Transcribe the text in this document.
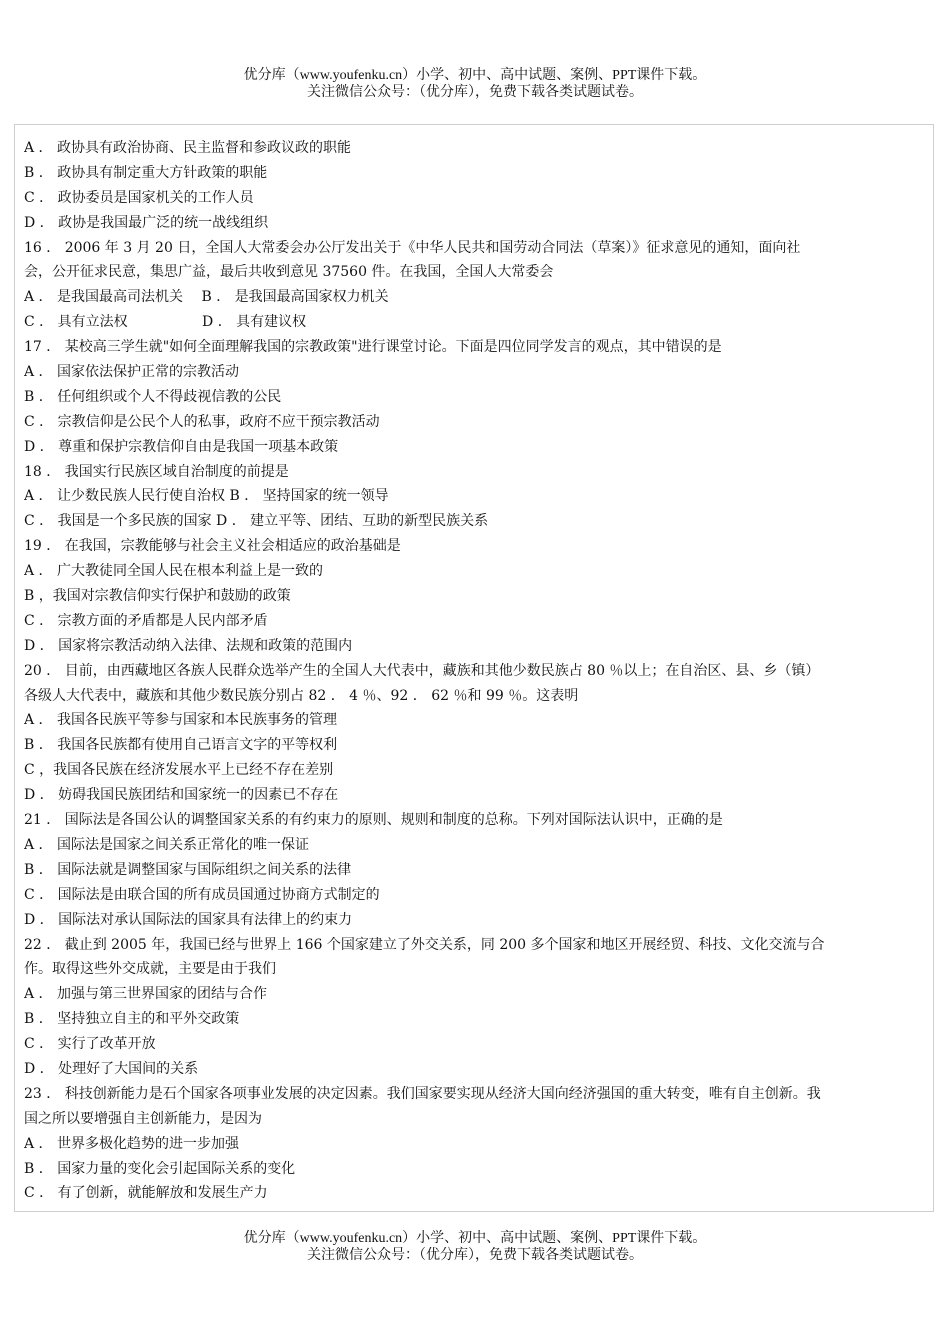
优分库（www.youfenku.cn）小学、初中、高中试题、案例、PPT课件下载。
关注微信公众号：（优分库），免费下载各类试题试卷。
A ． 政协具有政治协商、民主监督和参政议政的职能
B ． 政协具有制定重大方针政策的职能
C ． 政协委员是国家机关的工作人员
D ． 政协是我国最广泛的统一战线组织
16 ． 2006 年 3 月 20 日，全国人大常委会办公厅发出关于《中华人民共和国劳动合同法（草案）》征求意见的通知，面向社
会，公开征求民意，集思广益，最后共收到意见 37560 件。在我国，全国人大常委会
A ． 是我国最高司法机关　 B ． 是我国最高国家权力机关
C ． 具有立法权　　　　　 D ． 具有建议权
17 ． 某校高三学生就"如何全面理解我国的宗教政策"进行课堂讨论。下面是四位同学发言的观点，其中错误的是
A ． 国家依法保护正常的宗教活动
B ． 任何组织或个人不得歧视信教的公民
C ． 宗教信仰是公民个人的私事，政府不应干预宗教活动
D ． 尊重和保护宗教信仰自由是我国一项基本政策
18 ． 我国实行民族区域自治制度的前提是
A ． 让少数民族人民行使自治权 B ． 坚持国家的统一领导
C ． 我国是一个多民族的国家 D ． 建立平等、团结、互助的新型民族关系
19 ． 在我国，宗教能够与社会主义社会相适应的政治基础是
A ． 广大教徒同全国人民在根本利益上是一致的
B ，我国对宗教信仰实行保护和鼓励的政策
C ． 宗教方面的矛盾都是人民内部矛盾
D ． 国家将宗教活动纳入法律、法规和政策的范围内
20 ． 目前，由西藏地区各族人民群众选举产生的全国人大代表中，藏族和其他少数民族占 80 ％以上；在自治区、县、乡（镇）
各级人大代表中，藏族和其他少数民族分别占 82 ． 4 ％、92 ． 62 ％和 99 ％。这表明
A ． 我国各民族平等参与国家和本民族事务的管理
B ． 我国各民族都有使用自己语言文字的平等权利
C ，我国各民族在经济发展水平上已经不存在差别
D ． 妨碍我国民族团结和国家统一的因素已不存在
21 ． 国际法是各国公认的调整国家关系的有约束力的原则、规则和制度的总称。下列对国际法认识中，正确的是
A ． 国际法是国家之间关系正常化的唯一保证
B ． 国际法就是调整国家与国际组织之间关系的法律
C ． 国际法是由联合国的所有成员国通过协商方式制定的
D ． 国际法对承认国际法的国家具有法律上的约束力
22 ． 截止到 2005 年，我国已经与世界上 166 个国家建立了外交关系，同 200 多个国家和地区开展经贸、科技、文化交流与合
作。取得这些外交成就，主要是由于我们
A ． 加强与第三世界国家的团结与合作
B ． 坚持独立自主的和平外交政策
C ． 实行了改革开放
D ． 处理好了大国间的关系
23 ． 科技创新能力是石个国家各项事业发展的决定因素。我们国家要实现从经济大国向经济强国的重大转变，唯有自主创新。我
国之所以要增强自主创新能力，是因为
A ． 世界多极化趋势的进一步加强
B ． 国家力量的变化会引起国际关系的变化
C ． 有了创新，就能解放和发展生产力
优分库（www.youfenku.cn）小学、初中、高中试题、案例、PPT课件下载。
关注微信公众号：（优分库），免费下载各类试题试卷。
